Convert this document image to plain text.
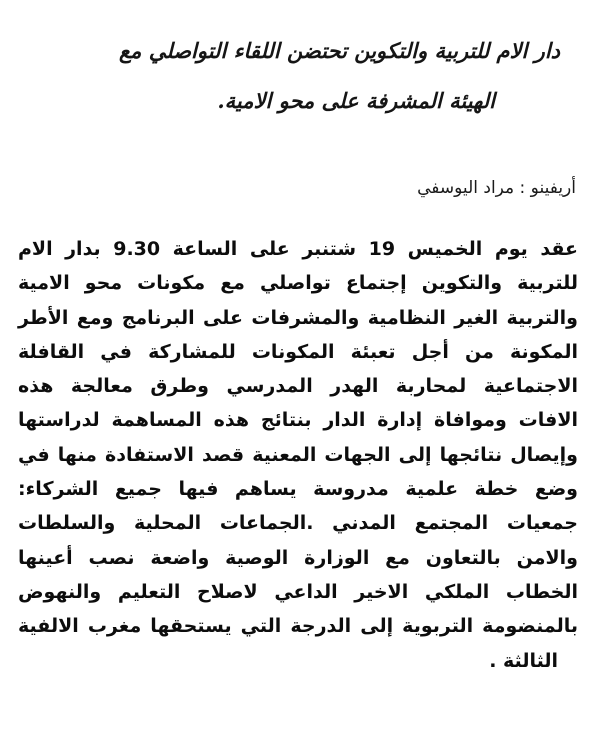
دار الام للتربية والتكوين تحتضن اللقاء التواصلي مع
الهيئة المشرفة على محو الامية.

أريفينو : مراد اليوسفي

عقد يوم الخميس 19 شتنبر على الساعة 9.30 بدار الام
للتربية والتكوين إجتماع تواصلي مع مكونات محو الامية
والتربية الغير النظامية والمشرفات على البرنامج ومع الأطر
المكونة من أجل تعبئة المكونات للمشاركة في القافلة
الاجتماعية لمحاربة الهدر المدرسي وطرق معالجة هذه
الافات وموافاة إدارة الدار بنتائج هذه المساهمة لدراستها
وإيصال نتائجها إلى الجهات المعنية قصد الاستفادة منها في
وضع خطة علمية مدروسة يساهم فيها جميع الشركاء:
جمعيات المجتمع المدني .الجماعات المحلية والسلطات
والامن بالتعاون مع الوزارة الوصية واضعة نصب أعينها
الخطاب الملكي الاخير الداعي لاصلاح التعليم والنهوض
بالمنضومة التربوية إلى الدرجة التي يستحقها مغرب الالفية
الثالثة .
